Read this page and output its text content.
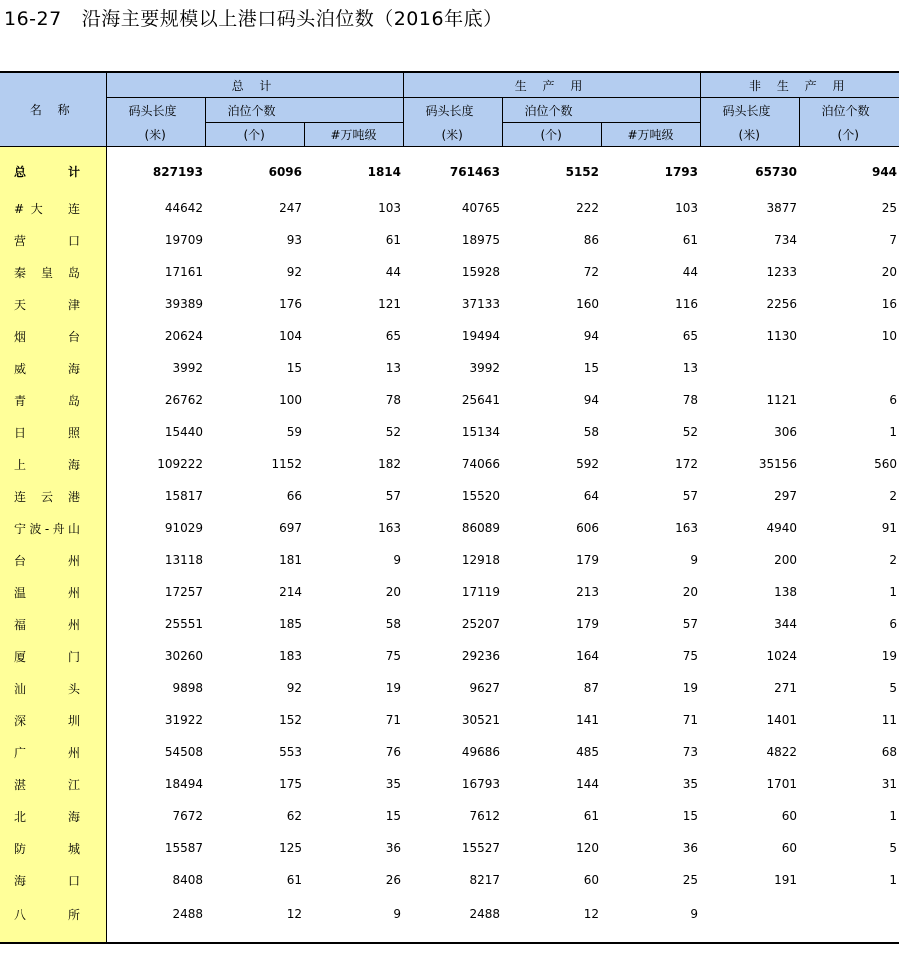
16-27 沿海主要规模以上港口码头泊位数（2016年底）
名 称	总 计			生 产 用			非 生 产 用	
	码头长度	泊位个数		码头长度	泊位个数		码头长度	泊位个数
	(米)	(个)	#万吨级	(米)	(个)	#万吨级	(米)	(个)
总　　计	827193	6096	1814	761463	5152	1793	65730	944
#大　连	44642	247	103	40765	222	103	3877	25
营　口	19709	93	61	18975	86	61	734	7
秦皇岛	17161	92	44	15928	72	44	1233	20
天　津	39389	176	121	37133	160	116	2256	16
烟　台	20624	104	65	19494	94	65	1130	10
威　海	3992	15	13	3992	15	13		
青　岛	26762	100	78	25641	94	78	1121	6
日　照	15440	59	52	15134	58	52	306	1
上　海	109222	1152	182	74066	592	172	35156	560
连云港	15817	66	57	15520	64	57	297	2
宁波-舟山	91029	697	163	86089	606	163	4940	91
台　州	13118	181	9	12918	179	9	200	2
温　州	17257	214	20	17119	213	20	138	1
福　州	25551	185	58	25207	179	57	344	6
厦　门	30260	183	75	29236	164	75	1024	19
汕　头	9898	92	19	9627	87	19	271	5
深　圳	31922	152	71	30521	141	71	1401	11
广　州	54508	553	76	49686	485	73	4822	68
湛　江	18494	175	35	16793	144	35	1701	31
北　海	7672	62	15	7612	61	15	60	1
防　城	15587	125	36	15527	120	36	60	5
海　口	8408	61	26	8217	60	25	191	1
八　所	2488	12	9	2488	12	9		
